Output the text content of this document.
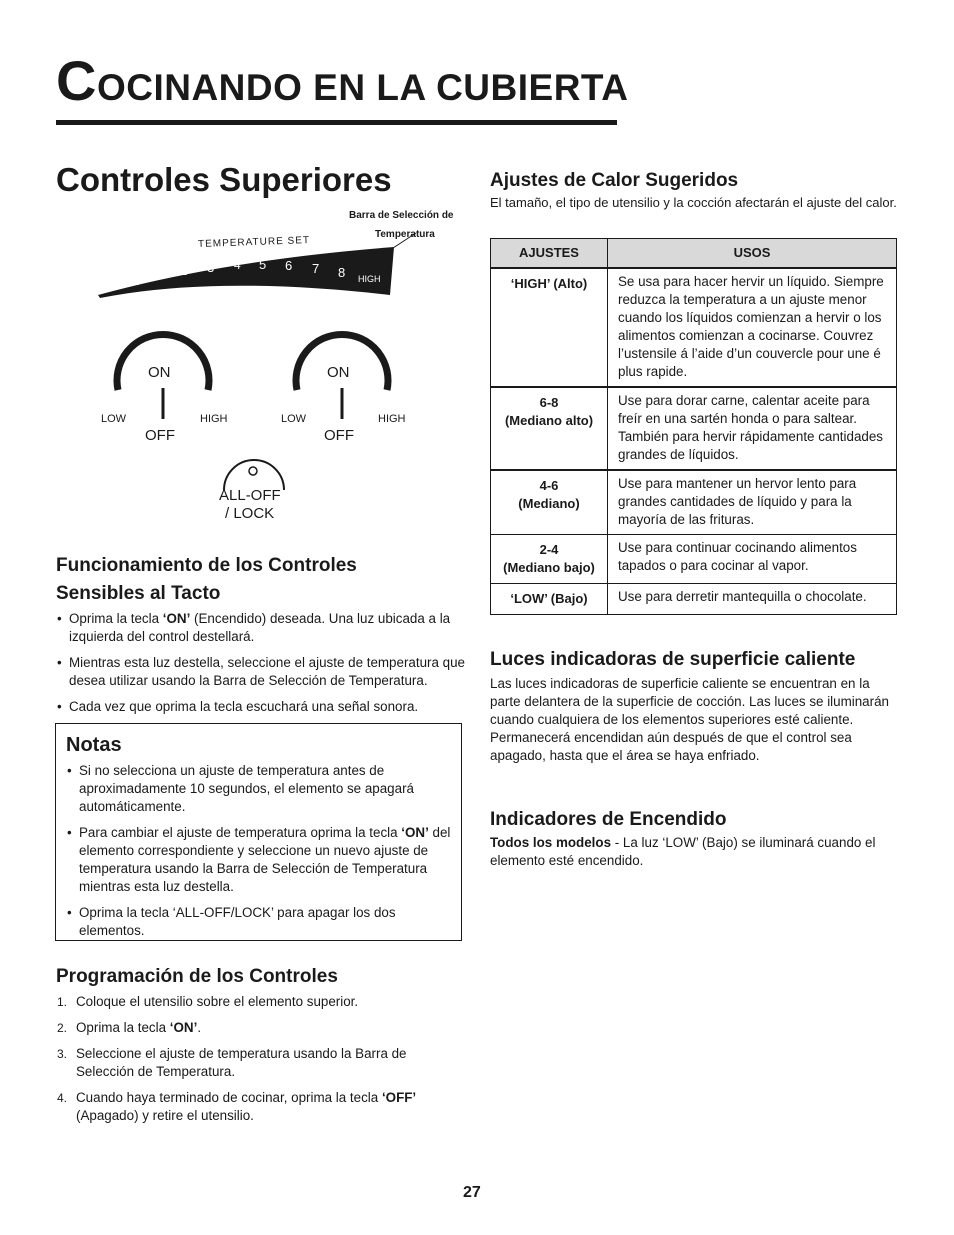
COCINANDO EN LA CUBIERTA
Controles Superiores
Barra de Selección de
Temperatura
TEMPERATURE SET
LOW
1 2 3 4 5 6 7 8 HIGH
ON
LOW	HIGH
OFF
ON
LOW	HIGH
OFF
ALL-OFF
/ LOCK
Funcionamiento de los Controles
Sensibles al Tacto
• Oprima la tecla ‘ON’ (Encendido) deseada. Una luz ubicada a la izquierda del control destellará.
• Mientras esta luz destella, seleccione el ajuste de temperatura que desea utilizar usando la Barra de Selección de Temperatura.
• Cada vez que oprima la tecla escuchará una señal sonora.
Notas
• Si no selecciona un ajuste de temperatura antes de aproximadamente 10 segundos, el elemento se apagará automáticamente.
• Para cambiar el ajuste de temperatura oprima la tecla ‘ON’ del elemento correspondiente y seleccione un nuevo ajuste de temperatura usando la Barra de Selección de Temperatura mientras esta luz destella.
• Oprima la tecla ‘ALL-OFF/LOCK’ para apagar los dos elementos.
Programación de los Controles
1. Coloque el utensilio sobre el elemento superior.
2. Oprima la tecla ‘ON’.
3. Seleccione el ajuste de temperatura usando la Barra de Selección de Temperatura.
4. Cuando haya terminado de cocinar, oprima la tecla ‘OFF’ (Apagado) y retire el utensilio.
Ajustes de Calor Sugeridos
El tamaño, el tipo de utensilio y la cocción afectarán el ajuste del calor.
AJUSTES	USOS
‘HIGH’ (Alto)	Se usa para hacer hervir un líquido. Siempre reduzca la temperatura a un ajuste menor cuando los líquidos comienzan a hervir o los alimentos comienzan a cocinarse. Couvrez l’ustensile á l’aide d’un couvercle pour une é plus rapide.
6-8
(Mediano alto)	Use para dorar carne, calentar aceite para freír en una sartén honda o para saltear. También para hervir rápidamente cantidades grandes de líquidos.
4-6
(Mediano)	Use para mantener un hervor lento para grandes cantidades de líquido y para la mayoría de las frituras.
2-4
(Mediano bajo)	Use para continuar cocinando alimentos tapados o para cocinar al vapor.
‘LOW’ (Bajo)	Use para derretir mantequilla o chocolate.
Luces indicadoras de superficie caliente
Las luces indicadoras de superficie caliente se encuentran en la parte delantera de la superficie de cocción. Las luces se iluminarán cuando cualquiera de los elementos superiores esté caliente. Permanecerá encendidan aún después de que el control sea apagado, hasta que el área se haya enfriado.
Indicadores de Encendido
Todos los modelos - La luz ‘LOW’ (Bajo) se iluminará cuando el elemento esté encendido.
27
